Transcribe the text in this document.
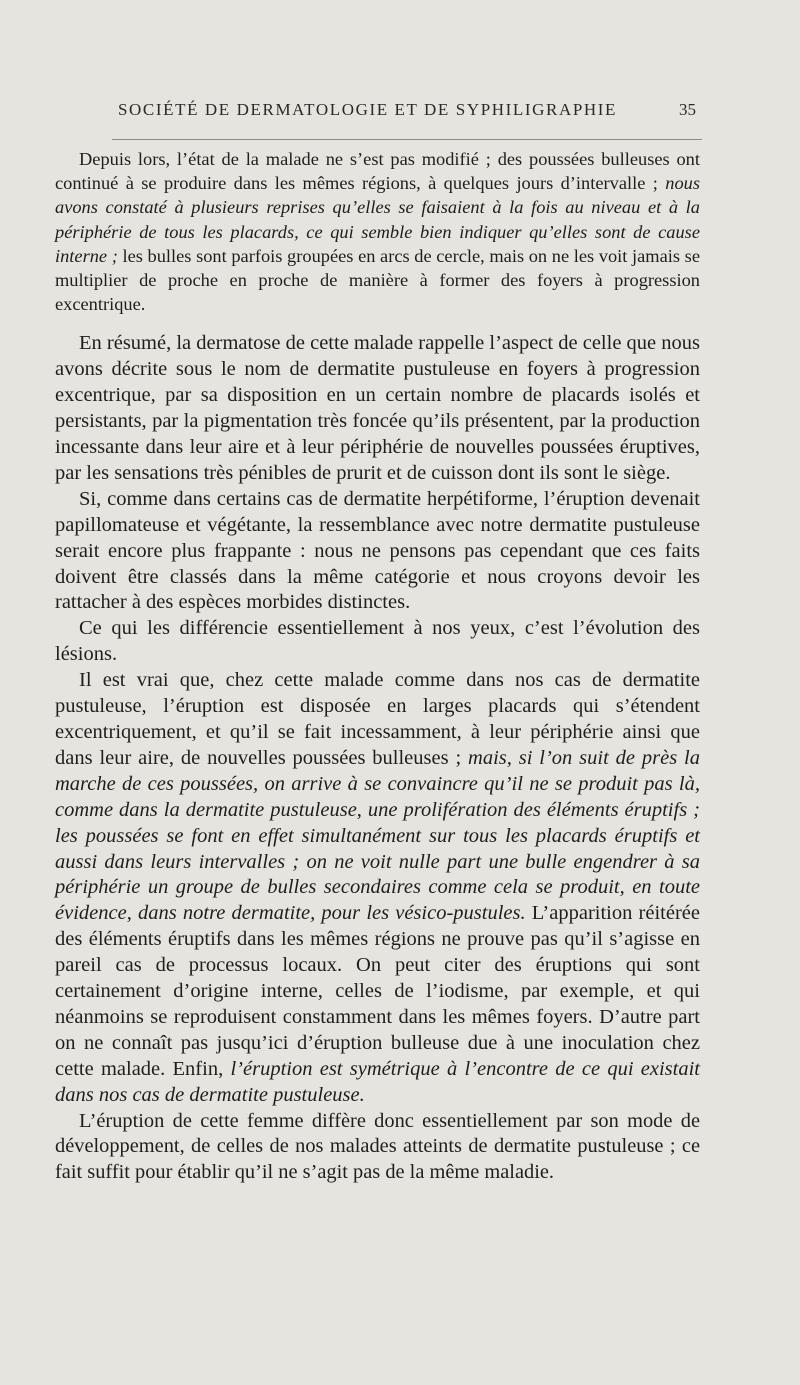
SOCIÉTÉ DE DERMATOLOGIE ET DE SYPHILIGRAPHIE	35

Depuis lors, l’état de la malade ne s’est pas modifié ; des poussées bulleuses ont continué à se produire dans les mêmes régions, à quelques jours d’intervalle ; nous avons constaté à plusieurs reprises qu’elles se faisaient à la fois au niveau et à la périphérie de tous les placards, ce qui semble bien indiquer qu’elles sont de cause interne ; les bulles sont parfois groupées en arcs de cercle, mais on ne les voit jamais se multiplier de proche en proche de manière à former des foyers à progression excentrique.

En résumé, la dermatose de cette malade rappelle l’aspect de celle que nous avons décrite sous le nom de dermatite pustuleuse en foyers à progression excentrique, par sa disposition en un certain nombre de placards isolés et persistants, par la pigmentation très foncée qu’ils présentent, par la production incessante dans leur aire et à leur périphérie de nouvelles poussées éruptives, par les sensations très pénibles de prurit et de cuisson dont ils sont le siège.

Si, comme dans certains cas de dermatite herpétiforme, l’éruption devenait papillomateuse et végétante, la ressemblance avec notre dermatite pustuleuse serait encore plus frappante : nous ne pensons pas cependant que ces faits doivent être classés dans la même catégorie et nous croyons devoir les rattacher à des espèces morbides distinctes.

Ce qui les différencie essentiellement à nos yeux, c’est l’évolution des lésions.

Il est vrai que, chez cette malade comme dans nos cas de dermatite pustuleuse, l’éruption est disposée en larges placards qui s’étendent excentriquement, et qu’il se fait incessamment, à leur périphérie ainsi que dans leur aire, de nouvelles poussées bulleuses ; mais, si l’on suit de près la marche de ces poussées, on arrive à se convaincre qu’il ne se produit pas là, comme dans la dermatite pustuleuse, une prolifération des éléments éruptifs ; les poussées se font en effet simultanément sur tous les placards éruptifs et aussi dans leurs intervalles ; on ne voit nulle part une bulle engendrer à sa périphérie un groupe de bulles secondaires comme cela se produit, en toute évidence, dans notre dermatite, pour les vésico-pustules. L’apparition réitérée des éléments éruptifs dans les mêmes régions ne prouve pas qu’il s’agisse en pareil cas de processus locaux. On peut citer des éruptions qui sont certainement d’origine interne, celles de l’iodisme, par exemple, et qui néanmoins se reproduisent constamment dans les mêmes foyers. D’autre part on ne connaît pas jusqu’ici d’éruption bulleuse due à une inoculation chez cette malade. Enfin, l’éruption est symétrique à l’encontre de ce qui existait dans nos cas de dermatite pustuleuse.

L’éruption de cette femme diffère donc essentiellement par son mode de développement, de celles de nos malades atteints de dermatite pustuleuse ; ce fait suffit pour établir qu’il ne s’agit pas de la même maladie.
